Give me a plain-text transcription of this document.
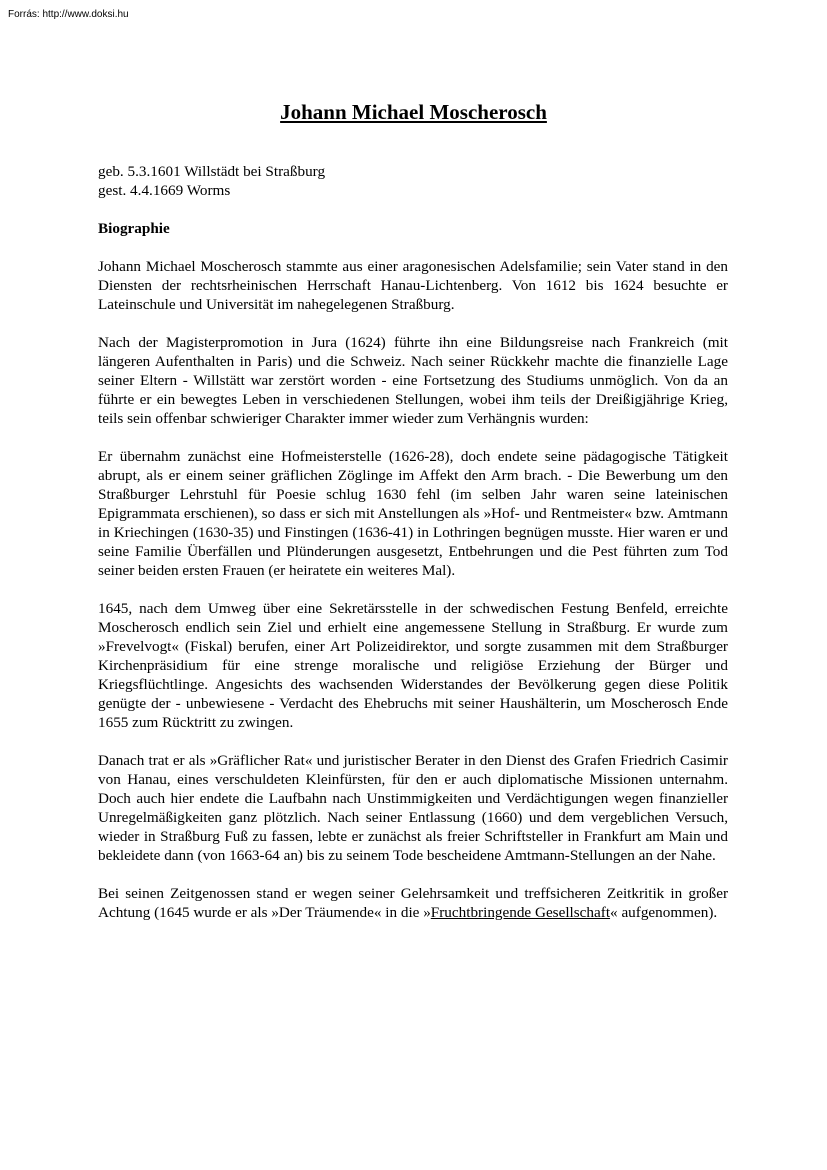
Forrás: http://www.doksi.hu
Johann Michael Moscherosch

geb. 5.3.1601 Willstädt bei Straßburg

gest. 4.4.1669 Worms

Biographie

Johann Michael Moscherosch stammte aus einer aragonesischen Adelsfamilie; sein Vater stand in den Diensten der rechtsrheinischen Herrschaft Hanau-Lichtenberg. Von 1612 bis 1624 besuchte er Lateinschule und Universität im nahegelegenen Straßburg.

Nach der Magisterpromotion in Jura (1624) führte ihn eine Bildungsreise nach Frankreich (mit längeren Aufenthalten in Paris) und die Schweiz. Nach seiner Rückkehr machte die finanzielle Lage seiner Eltern - Willstätt war zerstört worden - eine Fortsetzung des Studiums unmöglich. Von da an führte er ein bewegtes Leben in verschiedenen Stellungen, wobei ihm teils der Dreißigjährige Krieg, teils sein offenbar schwieriger Charakter immer wieder zum Verhängnis wurden:

Er übernahm zunächst eine Hofmeisterstelle (1626-28), doch endete seine pädagogische Tätigkeit abrupt, als er einem seiner gräflichen Zöglinge im Affekt den Arm brach. - Die Bewerbung um den Straßburger Lehrstuhl für Poesie schlug 1630 fehl (im selben Jahr waren seine lateinischen Epigrammata erschienen), so dass er sich mit Anstellungen als »Hof- und Rentmeister« bzw. Amtmann in Kriechingen (1630-35) und Finstingen (1636-41) in Lothringen begnügen musste. Hier waren er und seine Familie Überfällen und Plünderungen ausgesetzt, Entbehrungen und die Pest führten zum Tod seiner beiden ersten Frauen (er heiratete ein weiteres Mal).

1645, nach dem Umweg über eine Sekretärsstelle in der schwedischen Festung Benfeld, erreichte Moscherosch endlich sein Ziel und erhielt eine angemessene Stellung in Straßburg. Er wurde zum »Frevelvogt« (Fiskal) berufen, einer Art Polizeidirektor, und sorgte zusammen mit dem Straßburger Kirchenpräsidium für eine strenge moralische und religiöse Erziehung der Bürger und Kriegsflüchtlinge. Angesichts des wachsenden Widerstandes der Bevölkerung gegen diese Politik genügte der - unbewiesene - Verdacht des Ehebruchs mit seiner Haushälterin, um Moscherosch Ende 1655 zum Rücktritt zu zwingen.

Danach trat er als »Gräflicher Rat« und juristischer Berater in den Dienst des Grafen Friedrich Casimir von Hanau, eines verschuldeten Kleinfürsten, für den er auch diplomatische Missionen unternahm. Doch auch hier endete die Laufbahn nach Unstimmigkeiten und Verdächtigungen wegen finanzieller Unregelmäßigkeiten ganz plötzlich. Nach seiner Entlassung (1660) und dem vergeblichen Versuch, wieder in Straßburg Fuß zu fassen, lebte er zunächst als freier Schriftsteller in Frankfurt am Main und bekleidete dann (von 1663-64 an) bis zu seinem Tode bescheidene Amtmann-Stellungen an der Nahe.

Bei seinen Zeitgenossen stand er wegen seiner Gelehrsamkeit und treffsicheren Zeitkritik in großer Achtung (1645 wurde er als »Der Träumende« in die »Fruchtbringende Gesellschaft« aufgenommen).
